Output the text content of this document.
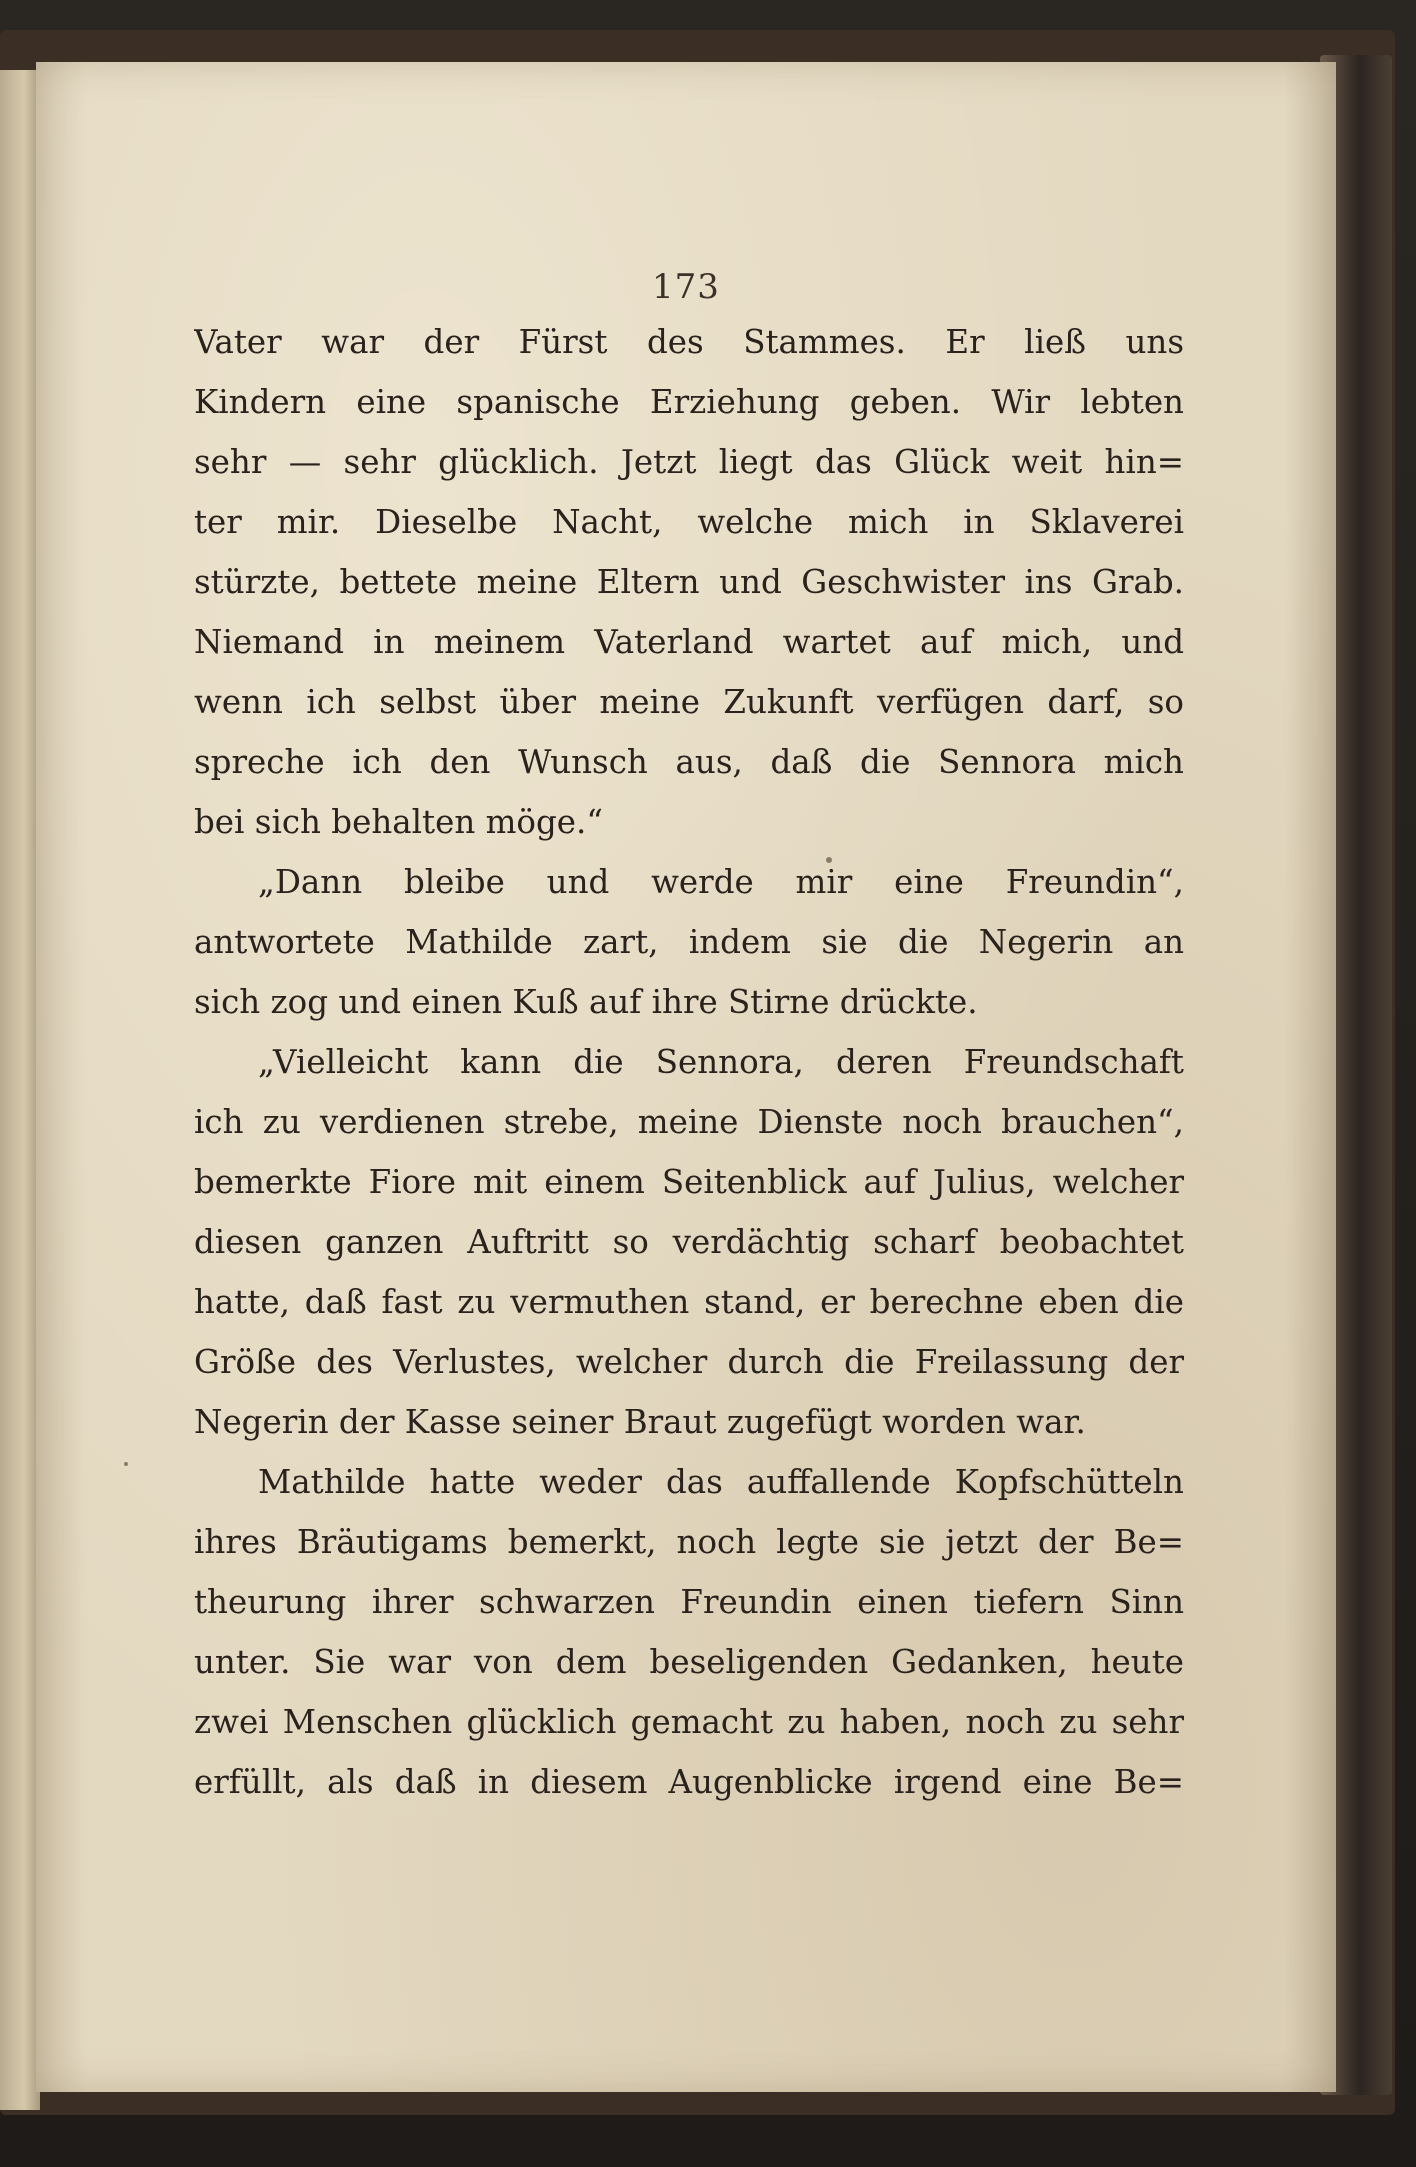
173
Vater war der Fürst des Stammes. Er ließ uns
Kindern eine spanische Erziehung geben. Wir lebten
sehr — sehr glücklich. Jetzt liegt das Glück weit hin=
ter mir. Dieselbe Nacht, welche mich in Sklaverei
stürzte, bettete meine Eltern und Geschwister ins Grab.
Niemand in meinem Vaterland wartet auf mich, und
wenn ich selbst über meine Zukunft verfügen darf, so
spreche ich den Wunsch aus, daß die Sennora mich
bei sich behalten möge.“
„Dann bleibe und werde mir eine Freundin“,
antwortete Mathilde zart, indem sie die Negerin an
sich zog und einen Kuß auf ihre Stirne drückte.
„Vielleicht kann die Sennora, deren Freundschaft
ich zu verdienen strebe, meine Dienste noch brauchen“,
bemerkte Fiore mit einem Seitenblick auf Julius, welcher
diesen ganzen Auftritt so verdächtig scharf beobachtet
hatte, daß fast zu vermuthen stand, er berechne eben die
Größe des Verlustes, welcher durch die Freilassung der
Negerin der Kasse seiner Braut zugefügt worden war.
Mathilde hatte weder das auffallende Kopfschütteln
ihres Bräutigams bemerkt, noch legte sie jetzt der Be=
theurung ihrer schwarzen Freundin einen tiefern Sinn
unter. Sie war von dem beseligenden Gedanken, heute
zwei Menschen glücklich gemacht zu haben, noch zu sehr
erfüllt, als daß in diesem Augenblicke irgend eine Be=
